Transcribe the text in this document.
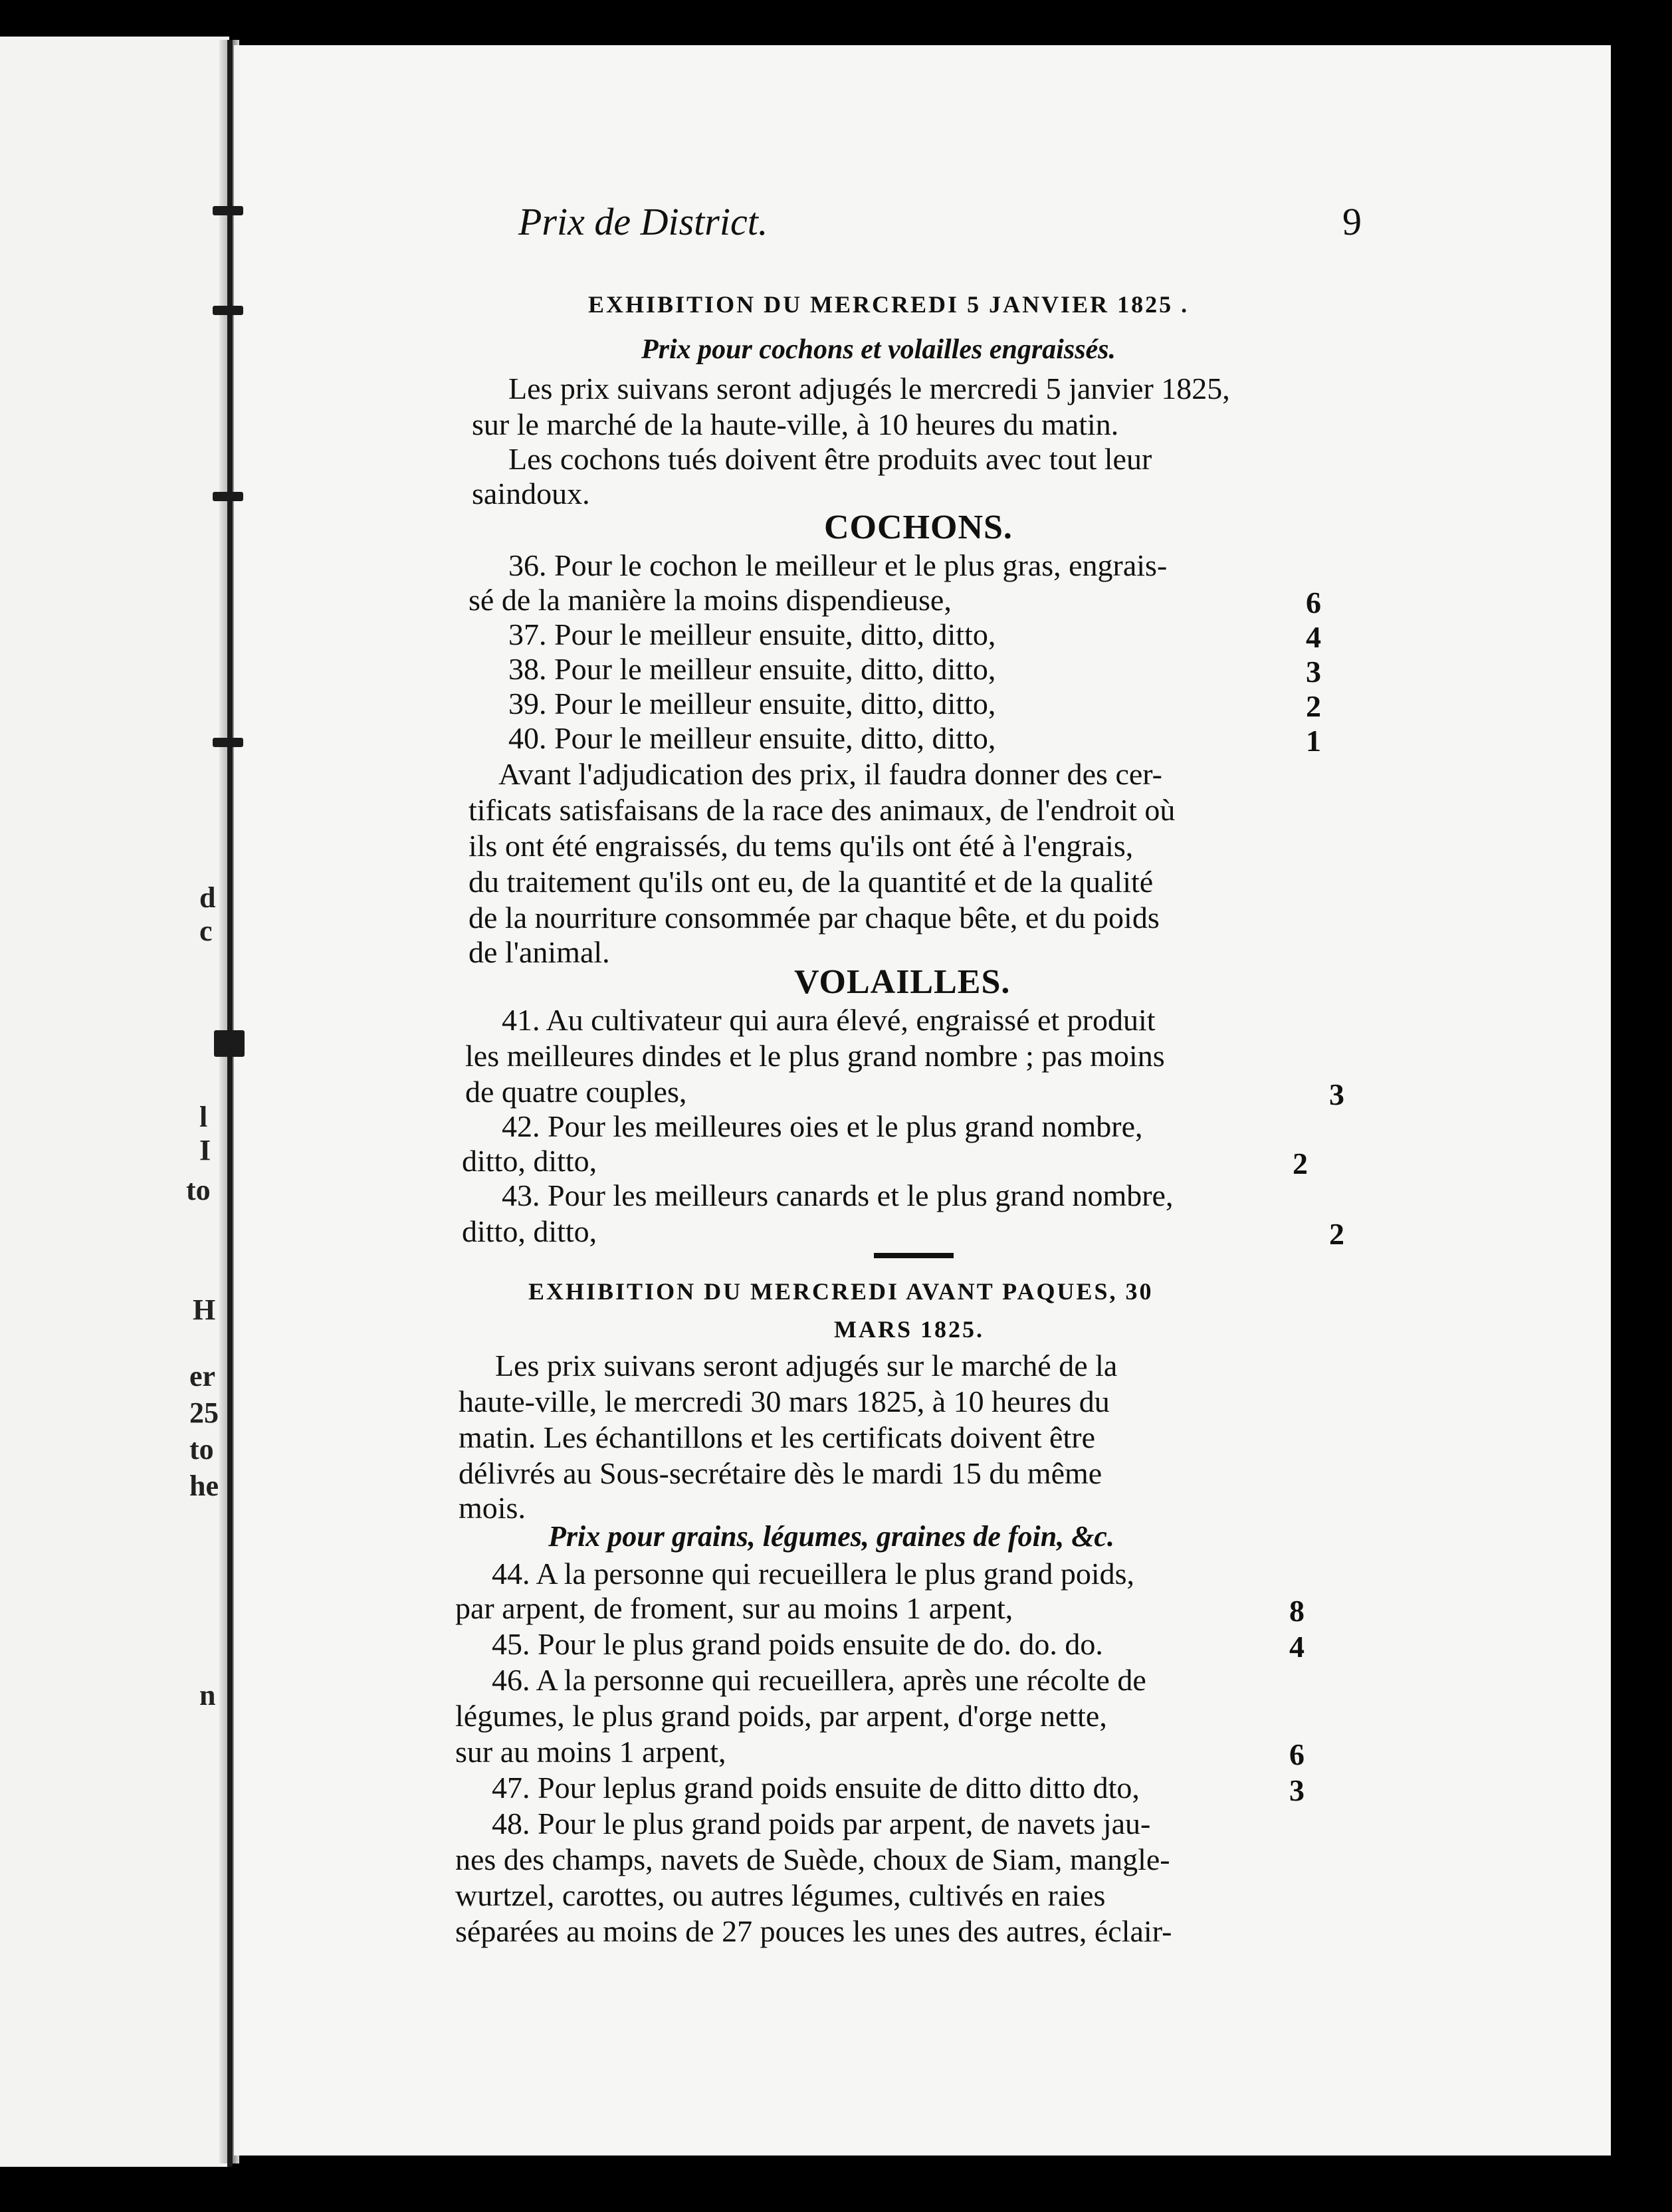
d
c
l
I
to
H
er
25
to
he
n
Prix de District.	9
EXHIBITION DU MERCREDI 5 JANVIER 1825 .
Prix pour cochons et volailles engraissés.
Les prix suivans seront adjugés le mercredi 5 janvier 1825,
sur le marché de la haute-ville, à 10 heures du matin.
Les cochons tués doivent être produits avec tout leur
saindoux.
COCHONS.
36. Pour le cochon le meilleur et le plus gras, engrais-
sé de la manière la moins dispendieuse,	6
37. Pour le meilleur ensuite, ditto, ditto,	4
38. Pour le meilleur ensuite, ditto, ditto,	3
39. Pour le meilleur ensuite, ditto, ditto,	2
40. Pour le meilleur ensuite, ditto, ditto,	1
Avant l'adjudication des prix, il faudra donner des cer-
tificats satisfaisans de la race des animaux, de l'endroit où
ils ont été engraissés, du tems qu'ils ont été à l'engrais,
du traitement qu'ils ont eu, de la quantité et de la qualité
de la nourriture consommée par chaque bête, et du poids
de l'animal.
VOLAILLES.
41. Au cultivateur qui aura élevé, engraissé et produit
les meilleures dindes et le plus grand nombre ; pas moins
de quatre couples,	3
42. Pour les meilleures oies et le plus grand nombre,
ditto, ditto,	2
43. Pour les meilleurs canards et le plus grand nombre,
ditto, ditto,	2
EXHIBITION DU MERCREDI AVANT PAQUES, 30
MARS 1825.
Les prix suivans seront adjugés sur le marché de la
haute-ville, le mercredi 30 mars 1825, à 10 heures du
matin. Les échantillons et les certificats doivent être
délivrés au Sous-secrétaire dès le mardi 15 du même
mois.
Prix pour grains, légumes, graines de foin, &c.
44. A la personne qui recueillera le plus grand poids,
par arpent, de froment, sur au moins 1 arpent,	8
45. Pour le plus grand poids ensuite de do. do. do.	4
46. A la personne qui recueillera, après une récolte de
légumes, le plus grand poids, par arpent, d'orge nette,
sur au moins 1 arpent,	6
47. Pour leplus grand poids ensuite de ditto ditto dto,	3
48. Pour le plus grand poids par arpent, de navets jau-
nes des champs, navets de Suède, choux de Siam, mangle-
wurtzel, carottes, ou autres légumes, cultivés en raies
séparées au moins de 27 pouces les unes des autres, éclair-
